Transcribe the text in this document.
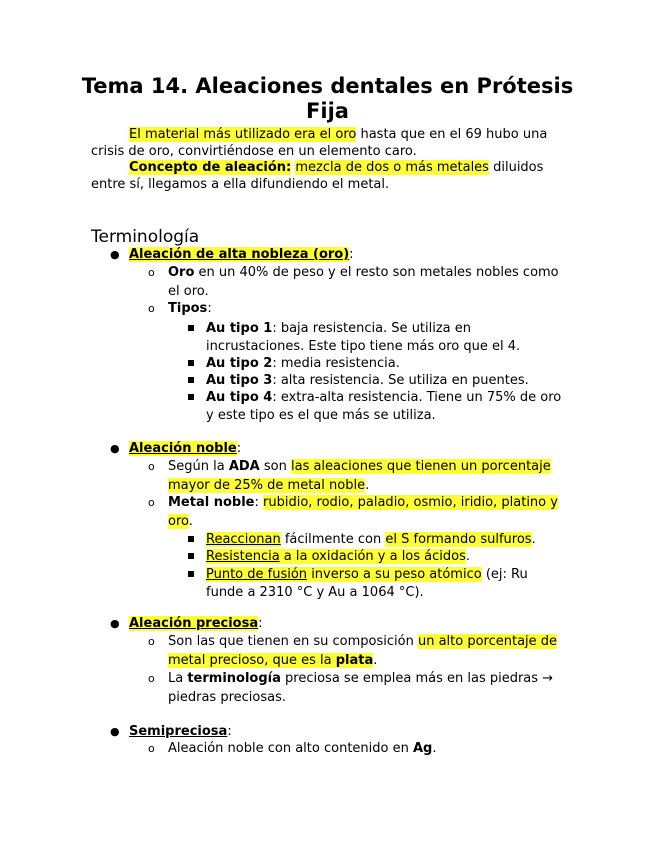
Tema 14. Aleaciones dentales en Prótesis Fija
El material más utilizado era el oro hasta que en el 69 hubo una crisis de oro, convirtiéndose en un elemento caro.
Concepto de aleación: mezcla de dos o más metales diluidos entre sí, llegamos a ella difundiendo el metal.
Terminología
● Aleación de alta nobleza (oro):
o Oro en un 40% de peso y el resto son metales nobles como el oro.
o Tipos:
Au tipo 1: baja resistencia. Se utiliza en incrustaciones. Este tipo tiene más oro que el 4.
Au tipo 2: media resistencia.
Au tipo 3: alta resistencia. Se utiliza en puentes.
Au tipo 4: extra-alta resistencia. Tiene un 75% de oro y este tipo es el que más se utiliza.
● Aleación noble:
o Según la ADA son las aleaciones que tienen un porcentaje mayor de 25% de metal noble.
o Metal noble: rubidio, rodio, paladio, osmio, iridio, platino y oro.
Reaccionan fácilmente con el S formando sulfuros.
Resistencia a la oxidación y a los ácidos.
Punto de fusión inverso a su peso atómico (ej: Ru funde a 2310 °C y Au a 1064 °C).
● Aleación preciosa:
o Son las que tienen en su composición un alto porcentaje de metal precioso, que es la plata.
o La terminología preciosa se emplea más en las piedras → piedras preciosas.
● Semipreciosa:
o Aleación noble con alto contenido en Ag.
